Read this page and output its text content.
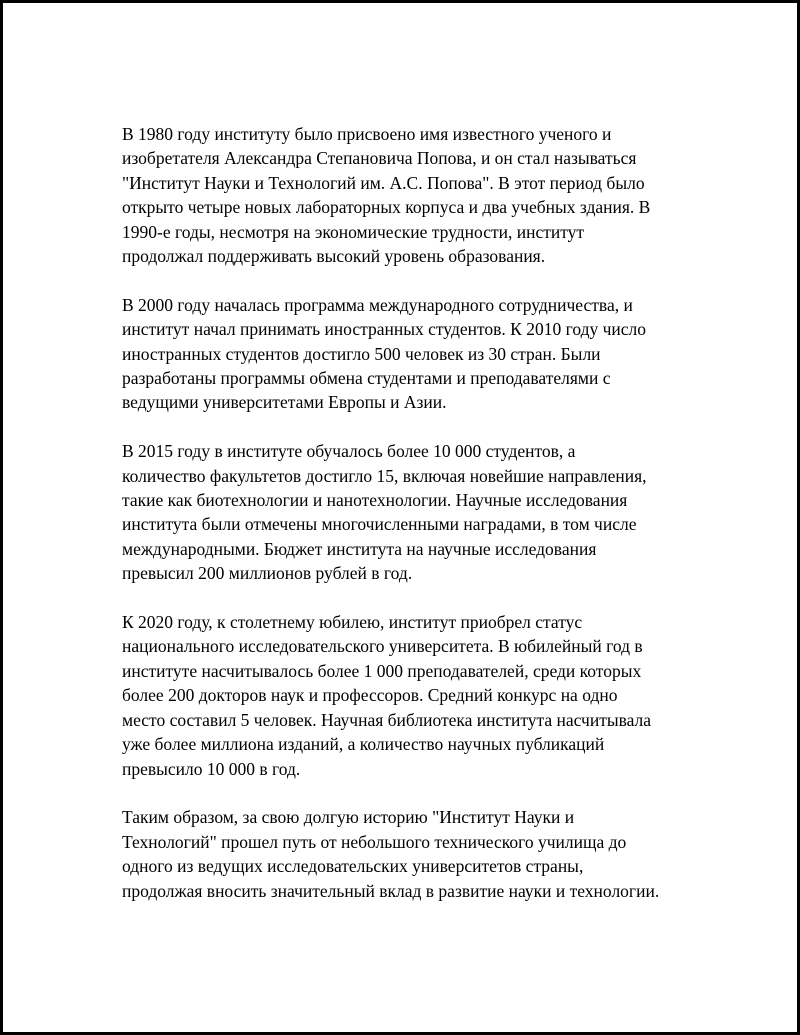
В 1980 году институту было присвоено имя известного ученого и
изобретателя Александра Степановича Попова, и он стал называться
"Институт Науки и Технологий им. А.С. Попова". В этот период было
открыто четыре новых лабораторных корпуса и два учебных здания. В
1990-е годы, несмотря на экономические трудности, институт
продолжал поддерживать высокий уровень образования.

В 2000 году началась программа международного сотрудничества, и
институт начал принимать иностранных студентов. К 2010 году число
иностранных студентов достигло 500 человек из 30 стран. Были
разработаны программы обмена студентами и преподавателями с
ведущими университетами Европы и Азии.

В 2015 году в институте обучалось более 10 000 студентов, а
количество факультетов достигло 15, включая новейшие направления,
такие как биотехнологии и нанотехнологии. Научные исследования
института были отмечены многочисленными наградами, в том числе
международными. Бюджет института на научные исследования
превысил 200 миллионов рублей в год.

К 2020 году, к столетнему юбилею, институт приобрел статус
национального исследовательского университета. В юбилейный год в
институте насчитывалось более 1 000 преподавателей, среди которых
более 200 докторов наук и профессоров. Средний конкурс на одно
место составил 5 человек. Научная библиотека института насчитывала
уже более миллиона изданий, а количество научных публикаций
превысило 10 000 в год.

Таким образом, за свою долгую историю "Институт Науки и
Технологий" прошел путь от небольшого технического училища до
одного из ведущих исследовательских университетов страны,
продолжая вносить значительный вклад в развитие науки и технологии.
